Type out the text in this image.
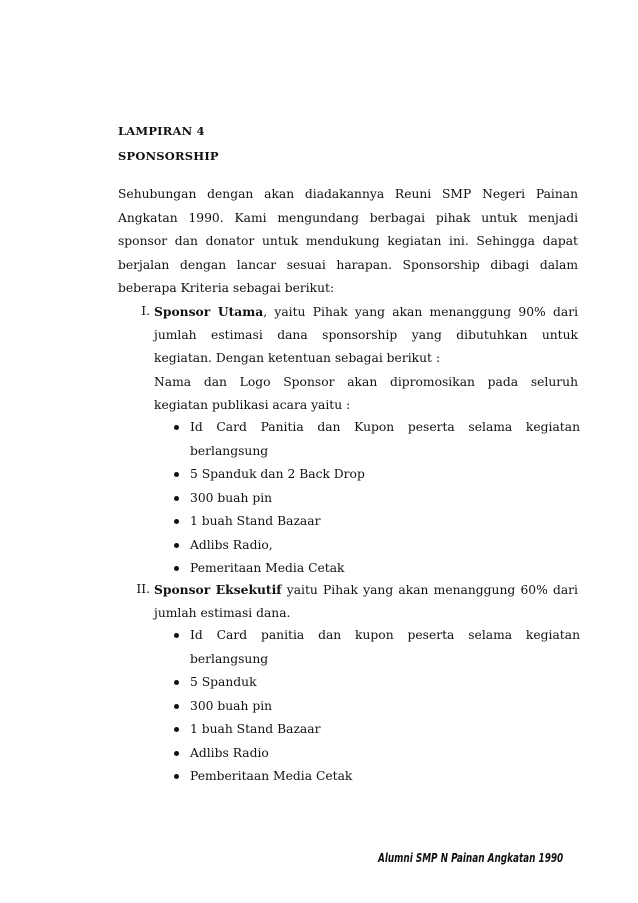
LAMPIRAN 4
SPONSORSHIP
Sehubungan dengan akan diadakannya Reuni SMP Negeri Painan
Angkatan 1990. Kami mengundang berbagai pihak untuk menjadi
sponsor dan donator untuk mendukung kegiatan ini. Sehingga dapat
berjalan dengan lancar sesuai harapan. Sponsorship dibagi dalam
beberapa Kriteria sebagai berikut:
I. Sponsor Utama, yaitu Pihak yang akan menanggung 90% dari
jumlah estimasi dana sponsorship yang dibutuhkan untuk
kegiatan. Dengan ketentuan sebagai berikut :
Nama dan Logo Sponsor akan dipromosikan pada seluruh
kegiatan publikasi acara yaitu :
Id Card Panitia dan Kupon peserta selama kegiatan
berlangsung
5 Spanduk dan 2 Back Drop
300 buah pin
1 buah Stand Bazaar
Adlibs Radio,
Pemeritaan Media Cetak
II. Sponsor Eksekutif yaitu Pihak yang akan menanggung 60% dari
jumlah estimasi dana.
Id Card panitia dan kupon peserta selama kegiatan
berlangsung
5 Spanduk
300 buah pin
1 buah Stand Bazaar
Adlibs Radio
Pemberitaan Media Cetak
Alumni SMP N Painan Angkatan 1990
